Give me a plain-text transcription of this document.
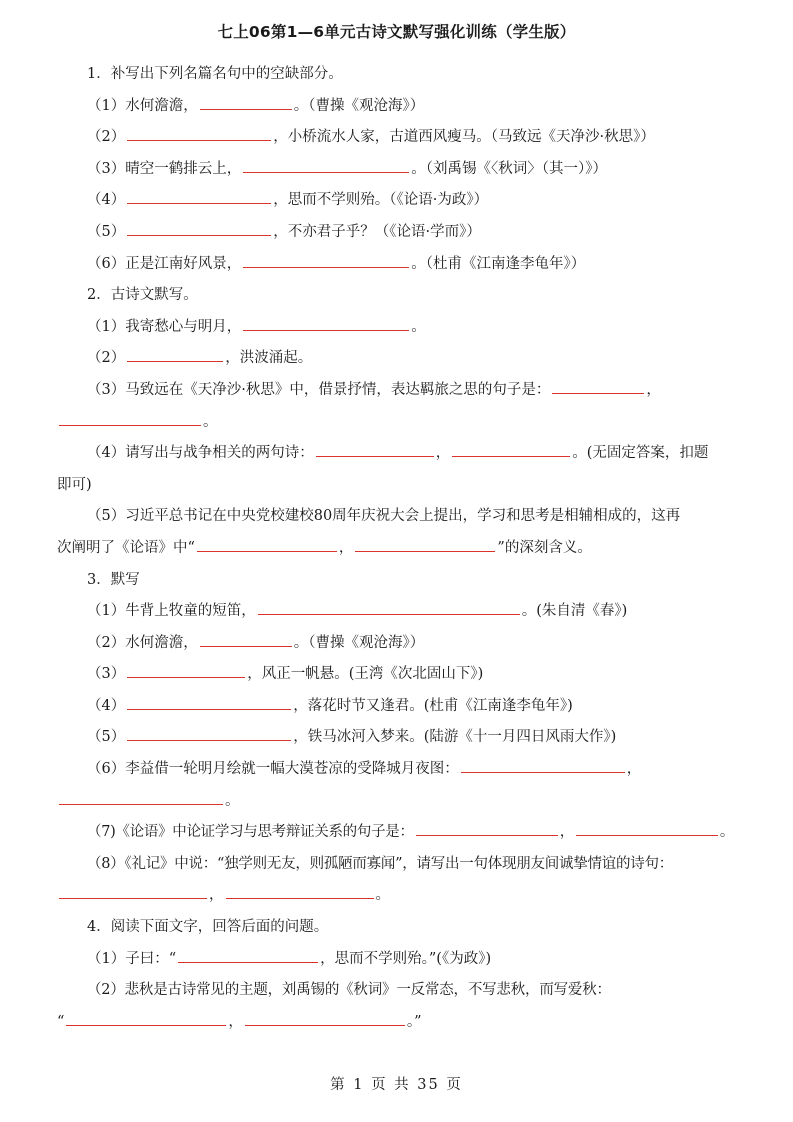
七上06第1—6单元古诗文默写强化训练（学生版）
1．补写出下列名篇名句中的空缺部分。
（1）水何澹澹，	。（曹操《观沧海》）
（2）	，小桥流水人家，古道西风瘦马。（马致远《天净沙·秋思》）
（3）晴空一鹤排云上，	。（刘禹锡《〈秋词〉（其一）》）
（4）	，思而不学则殆。（《论语·为政》）
（5）	，不亦君子乎？（《论语·学而》）
（6）正是江南好风景，	。（杜甫《江南逢李龟年》）
2．古诗文默写。
（1）我寄愁心与明月，	。
（2）	，洪波涌起。
（3）马致远在《天净沙·秋思》中，借景抒情，表达羁旅之思的句子是：	，
。
（4）请写出与战争相关的两句诗：	，	。(无固定答案，扣题
即可)
（5）习近平总书记在中央党校建校80周年庆祝大会上提出，学习和思考是相辅相成的，这再
次阐明了《论语》中“	，	”的深刻含义。
3．默写
（1）牛背上牧童的短笛，	。(朱自清《春》)
（2）水何澹澹，	。（曹操《观沧海》）
（3）	，风正一帆悬。(王湾《次北固山下》)
（4）	，落花时节又逢君。(杜甫《江南逢李龟年》)
（5）	，铁马冰河入梦来。(陆游《十一月四日风雨大作》)
（6）李益借一轮明月绘就一幅大漠苍凉的受降城月夜图：	，
。
（7)《论语》中论证学习与思考辩证关系的句子是：	，	。
（8）《礼记》中说：“独学则无友，则孤陋而寡闻”，请写出一句体现朋友间诚挚情谊的诗句：
，	。
4．阅读下面文字，回答后面的问题。
（1）子曰：“	，思而不学则殆。”(《为政》)
（2）悲秋是古诗常见的主题，刘禹锡的《秋词》一反常态，不写悲秋，而写爱秋：
“	，	。”
第 1 页 共 35 页
